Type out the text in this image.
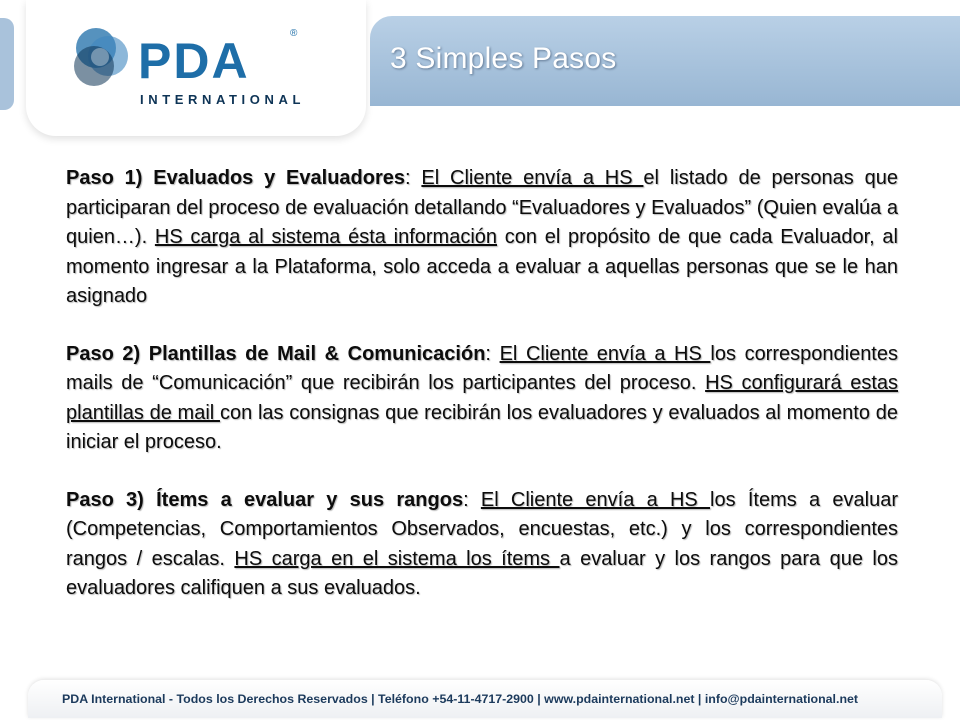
PDA	®
INTERNATIONAL
3 Simples Pasos

Paso 1) Evaluados y Evaluadores: El Cliente envía a HS el listado de personas que participaran del proceso de evaluación detallando “Evaluadores y Evaluados” (Quien evalúa a quien…). HS carga al sistema ésta información con el propósito de que cada Evaluador, al momento ingresar a la Plataforma, solo acceda a evaluar a aquellas personas que se le han asignado

Paso 2) Plantillas de Mail & Comunicación: El Cliente envía a HS los correspondientes mails de “Comunicación” que recibirán los participantes del proceso. HS configurará estas plantillas de mail con las consignas que recibirán los evaluadores y evaluados al momento de iniciar el proceso.

Paso 3) Ítems a evaluar y sus rangos: El Cliente envía a HS los Ítems a evaluar (Competencias, Comportamientos Observados, encuestas, etc.) y los correspondientes rangos / escalas. HS carga en el sistema los ítems a evaluar y los rangos para que los evaluadores califiquen a sus evaluados.

PDA International - Todos los Derechos Reservados | Teléfono +54-11-4717-2900 | www.pdainternational.net | info@pdainternational.net
